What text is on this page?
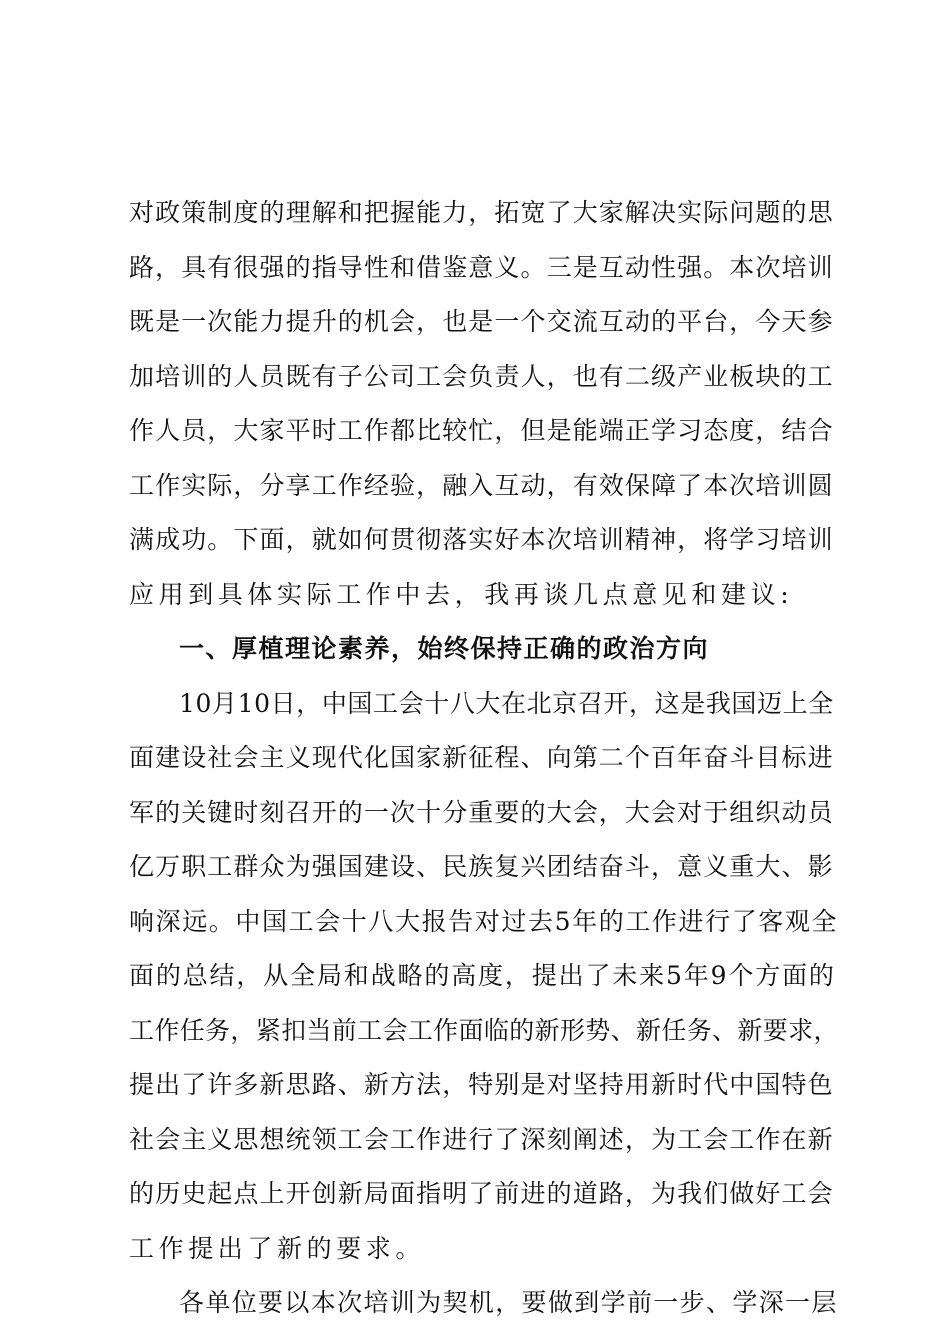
对政策制度的理解和把握能力，拓宽了大家解决实际问题的思
路，具有很强的指导性和借鉴意义。三是互动性强。本次培训
既是一次能力提升的机会，也是一个交流互动的平台，今天参
加培训的人员既有子公司工会负责人，也有二级产业板块的工
作人员，大家平时工作都比较忙，但是能端正学习态度，结合
工作实际，分享工作经验，融入互动，有效保障了本次培训圆
满成功。下面，就如何贯彻落实好本次培训精神，将学习培训
应用到具体实际工作中去，我再谈几点意见和建议:
一、厚植理论素养，始终保持正确的政治方向
10月10日，中国工会十八大在北京召开，这是我国迈上全
面建设社会主义现代化国家新征程、向第二个百年奋斗目标进
军的关键时刻召开的一次十分重要的大会，大会对于组织动员
亿万职工群众为强国建设、民族复兴团结奋斗，意义重大、影
响深远。中国工会十八大报告对过去5年的工作进行了客观全
面的总结，从全局和战略的高度，提出了未来5年9个方面的
工作任务，紧扣当前工会工作面临的新形势、新任务、新要求，
提出了许多新思路、新方法，特别是对坚持用新时代中国特色
社会主义思想统领工会工作进行了深刻阐述，为工会工作在新
的历史起点上开创新局面指明了前进的道路，为我们做好工会
工作提出了新的要求。
各单位要以本次培训为契机，要做到学前一步、学深一层
